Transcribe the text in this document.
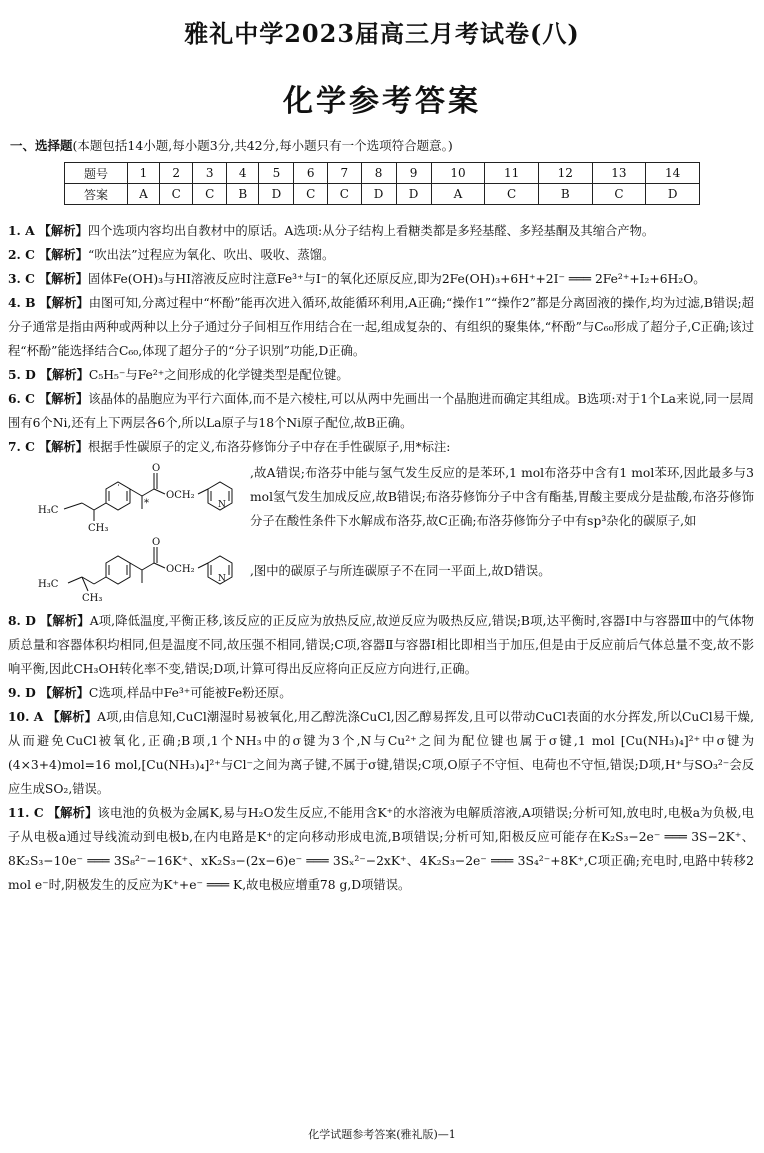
雅礼中学2023届高三月考试卷(八)
化学参考答案
一、选择题(本题包括14小题,每小题3分,共42分,每小题只有一个选项符合题意。)
题号	1	2	3	4	5	6	7	8	9	10	11	12	13	14
答案	A	C	C	B	D	C	C	D	D	A	C	B	C	D

1. A 【解析】四个选项内容均出自教材中的原话。A选项:从分子结构上看糖类都是多羟基醛、多羟基酮及其缩合产物。

2. C 【解析】“吹出法”过程应为氧化、吹出、吸收、蒸馏。

3. C 【解析】固体Fe(OH)₃与HI溶液反应时注意Fe³⁺与I⁻的氧化还原反应,即为2Fe(OH)₃+6H⁺+2I⁻ ═══ 2Fe²⁺+I₂+6H₂O。

4. B 【解析】由图可知,分离过程中“杯酚”能再次进入循环,故能循环利用,A正确;“操作1”“操作2”都是分离固液的操作,均为过滤,B错误;超分子通常是指由两种或两种以上分子通过分子间相互作用结合在一起,组成复杂的、有组织的聚集体,“杯酚”与C₆₀形成了超分子,C正确;该过程“杯酚”能选择结合C₆₀,体现了超分子的“分子识别”功能,D正确。

5. D 【解析】C₅H₅⁻与Fe²⁺之间形成的化学键类型是配位键。

6. C 【解析】该晶体的晶胞应为平行六面体,而不是六棱柱,可以从两中先画出一个晶胞进而确定其组成。B选项:对于1个La来说,同一层周围有6个Ni,还有上下两层各6个,所以La原子与18个Ni原子配位,故B正确。

7. C 【解析】根据手性碳原子的定义,布洛芬修饰分子中存在手性碳原子,用*标注:

O
OCH₂
N
H₃C
CH₃
*
,故A错误;布洛芬中能与氢气发生反应的是苯环,1 mol布洛芬中含有1 mol苯环,因此最多与3 mol氢气发生加成反应,故B错误;布洛芬修饰分子中含有酯基,胃酸主要成分是盐酸,布洛芬修饰分子在酸性条件下水解成布洛芬,故C正确;布洛芬修饰分子中有sp³杂化的碳原子,如
O
OCH₂
N
H₃C
CH₃
,图中的碳原子与所连碳原子不在同一平面上,故D错误。

8. D 【解析】A项,降低温度,平衡正移,该反应的正反应为放热反应,故逆反应为吸热反应,错误;B项,达平衡时,容器Ⅰ中与容器Ⅲ中的气体物质总量和容器体积均相同,但是温度不同,故压强不相同,错误;C项,容器Ⅱ与容器Ⅰ相比即相当于加压,但是由于反应前后气体总量不变,故不影响平衡,因此CH₃OH转化率不变,错误;D项,计算可得出反应将向正反应方向进行,正确。

9. D 【解析】C选项,样品中Fe³⁺可能被Fe粉还原。

10. A 【解析】A项,由信息知,CuCl潮湿时易被氧化,用乙醇洗涤CuCl,因乙醇易挥发,且可以带动CuCl表面的水分挥发,所以CuCl易干燥,从而避免CuCl被氧化,正确;B项,1个NH₃中的σ键为3个,N与Cu²⁺之间为配位键也属于σ键,1 mol [Cu(NH₃)₄]²⁺中σ键为(4×3+4)mol=16 mol,[Cu(NH₃)₄]²⁺与Cl⁻之间为离子键,不属于σ键,错误;C项,O原子不守恒、电荷也不守恒,错误;D项,H⁺与SO₃²⁻会反应生成SO₂,错误。

11. C 【解析】该电池的负极为金属K,易与H₂O发生反应,不能用含K⁺的水溶液为电解质溶液,A项错误;分析可知,放电时,电极a为负极,电子从电极a通过导线流动到电极b,在内电路是K⁺的定向移动形成电流,B项错误;分析可知,阳极反应可能存在K₂S₃−2e⁻ ═══ 3S−2K⁺、8K₂S₃−10e⁻ ═══ 3S₈²⁻−16K⁺、xK₂S₃−(2x−6)e⁻ ═══ 3Sₓ²⁻−2xK⁺、4K₂S₃−2e⁻ ═══ 3S₄²⁻+8K⁺,C项正确;充电时,电路中转移2 mol e⁻时,阴极发生的反应为K⁺+e⁻ ═══ K,故电极应增重78 g,D项错误。

化学试题参考答案(雅礼版)—1
